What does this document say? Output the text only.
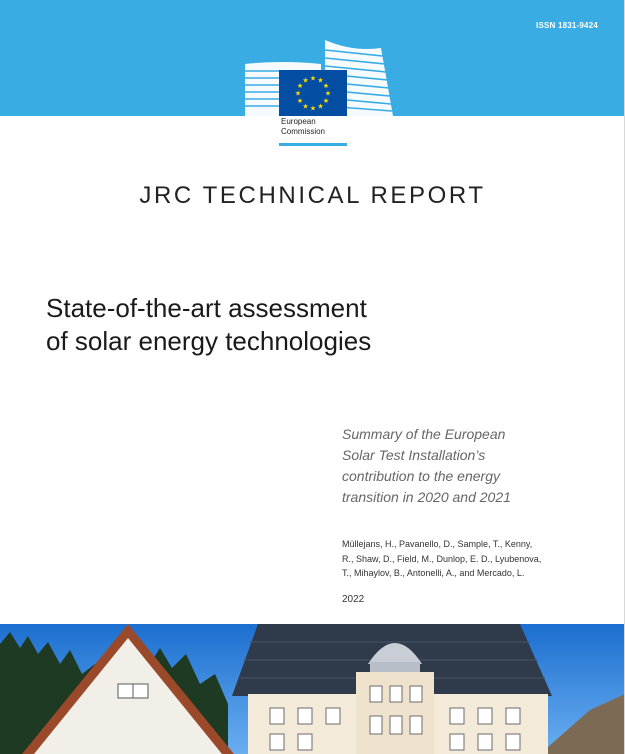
ISSN 1831-9424
★ ★
★
★
★
★
★
★
★
★
★
★
European
Commission
JRC TECHNICAL REPORT
State-of-the-art assessment
of solar energy technologies
Summary of the European
Solar Test Installation’s
contribution to the energy
transition in 2020 and 2021
Müllejans, H., Pavanello, D., Sample, T., Kenny,
R., Shaw, D., Field, M., Dunlop, E. D., Lyubenova,
T., Mihaylov, B., Antonelli, A., and Mercado, L.
2022
